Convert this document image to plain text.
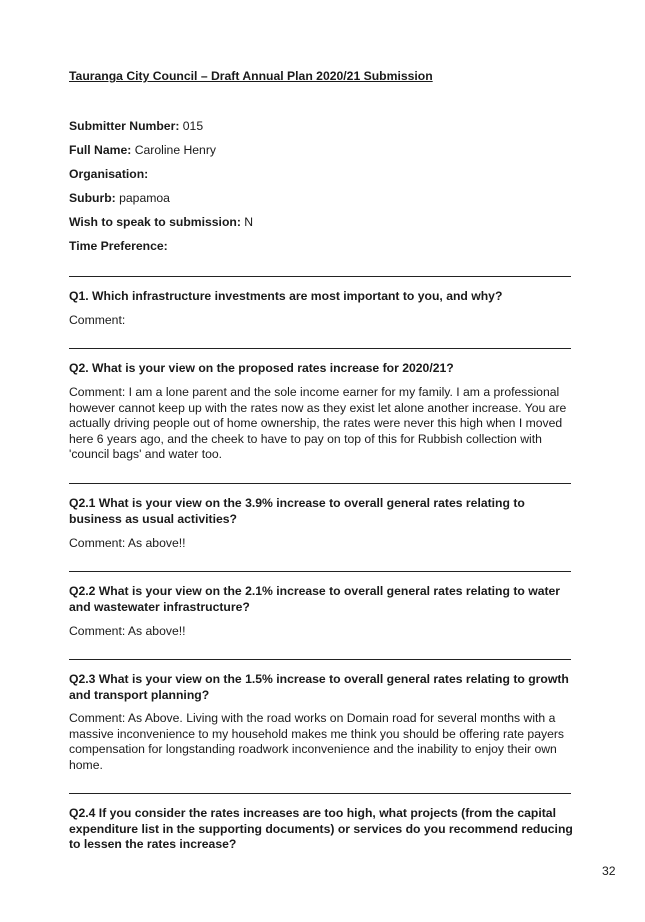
Tauranga City Council – Draft Annual Plan 2020/21 Submission
Submitter Number: 015
Full Name: Caroline Henry
Organisation:
Suburb: papamoa
Wish to speak to submission: N
Time Preference:
Q1. Which infrastructure investments are most important to you, and why?
Comment:
Q2. What is your view on the proposed rates increase for 2020/21?
Comment: I am a lone parent and the sole income earner for my family. I am a professional however cannot keep up with the rates now as they exist let alone another increase. You are actually driving people out of home ownership, the rates were never this high when I moved here 6 years ago, and the cheek to have to pay on top of this for Rubbish collection with 'council bags' and water too.
Q2.1 What is your view on the 3.9% increase to overall general rates relating to business as usual activities?
Comment: As above!!
Q2.2 What is your view on the 2.1% increase to overall general rates relating to water and wastewater infrastructure?
Comment: As above!!
Q2.3 What is your view on the 1.5% increase to overall general rates relating to growth and transport planning?
Comment: As Above. Living with the road works on Domain road for several months with a massive inconvenience to my household makes me think you should be offering rate payers compensation for longstanding roadwork inconvenience and the inability to enjoy their own home.
Q2.4 If you consider the rates increases are too high, what projects (from the capital expenditure list in the supporting documents) or services do you recommend reducing to lessen the rates increase?
32
